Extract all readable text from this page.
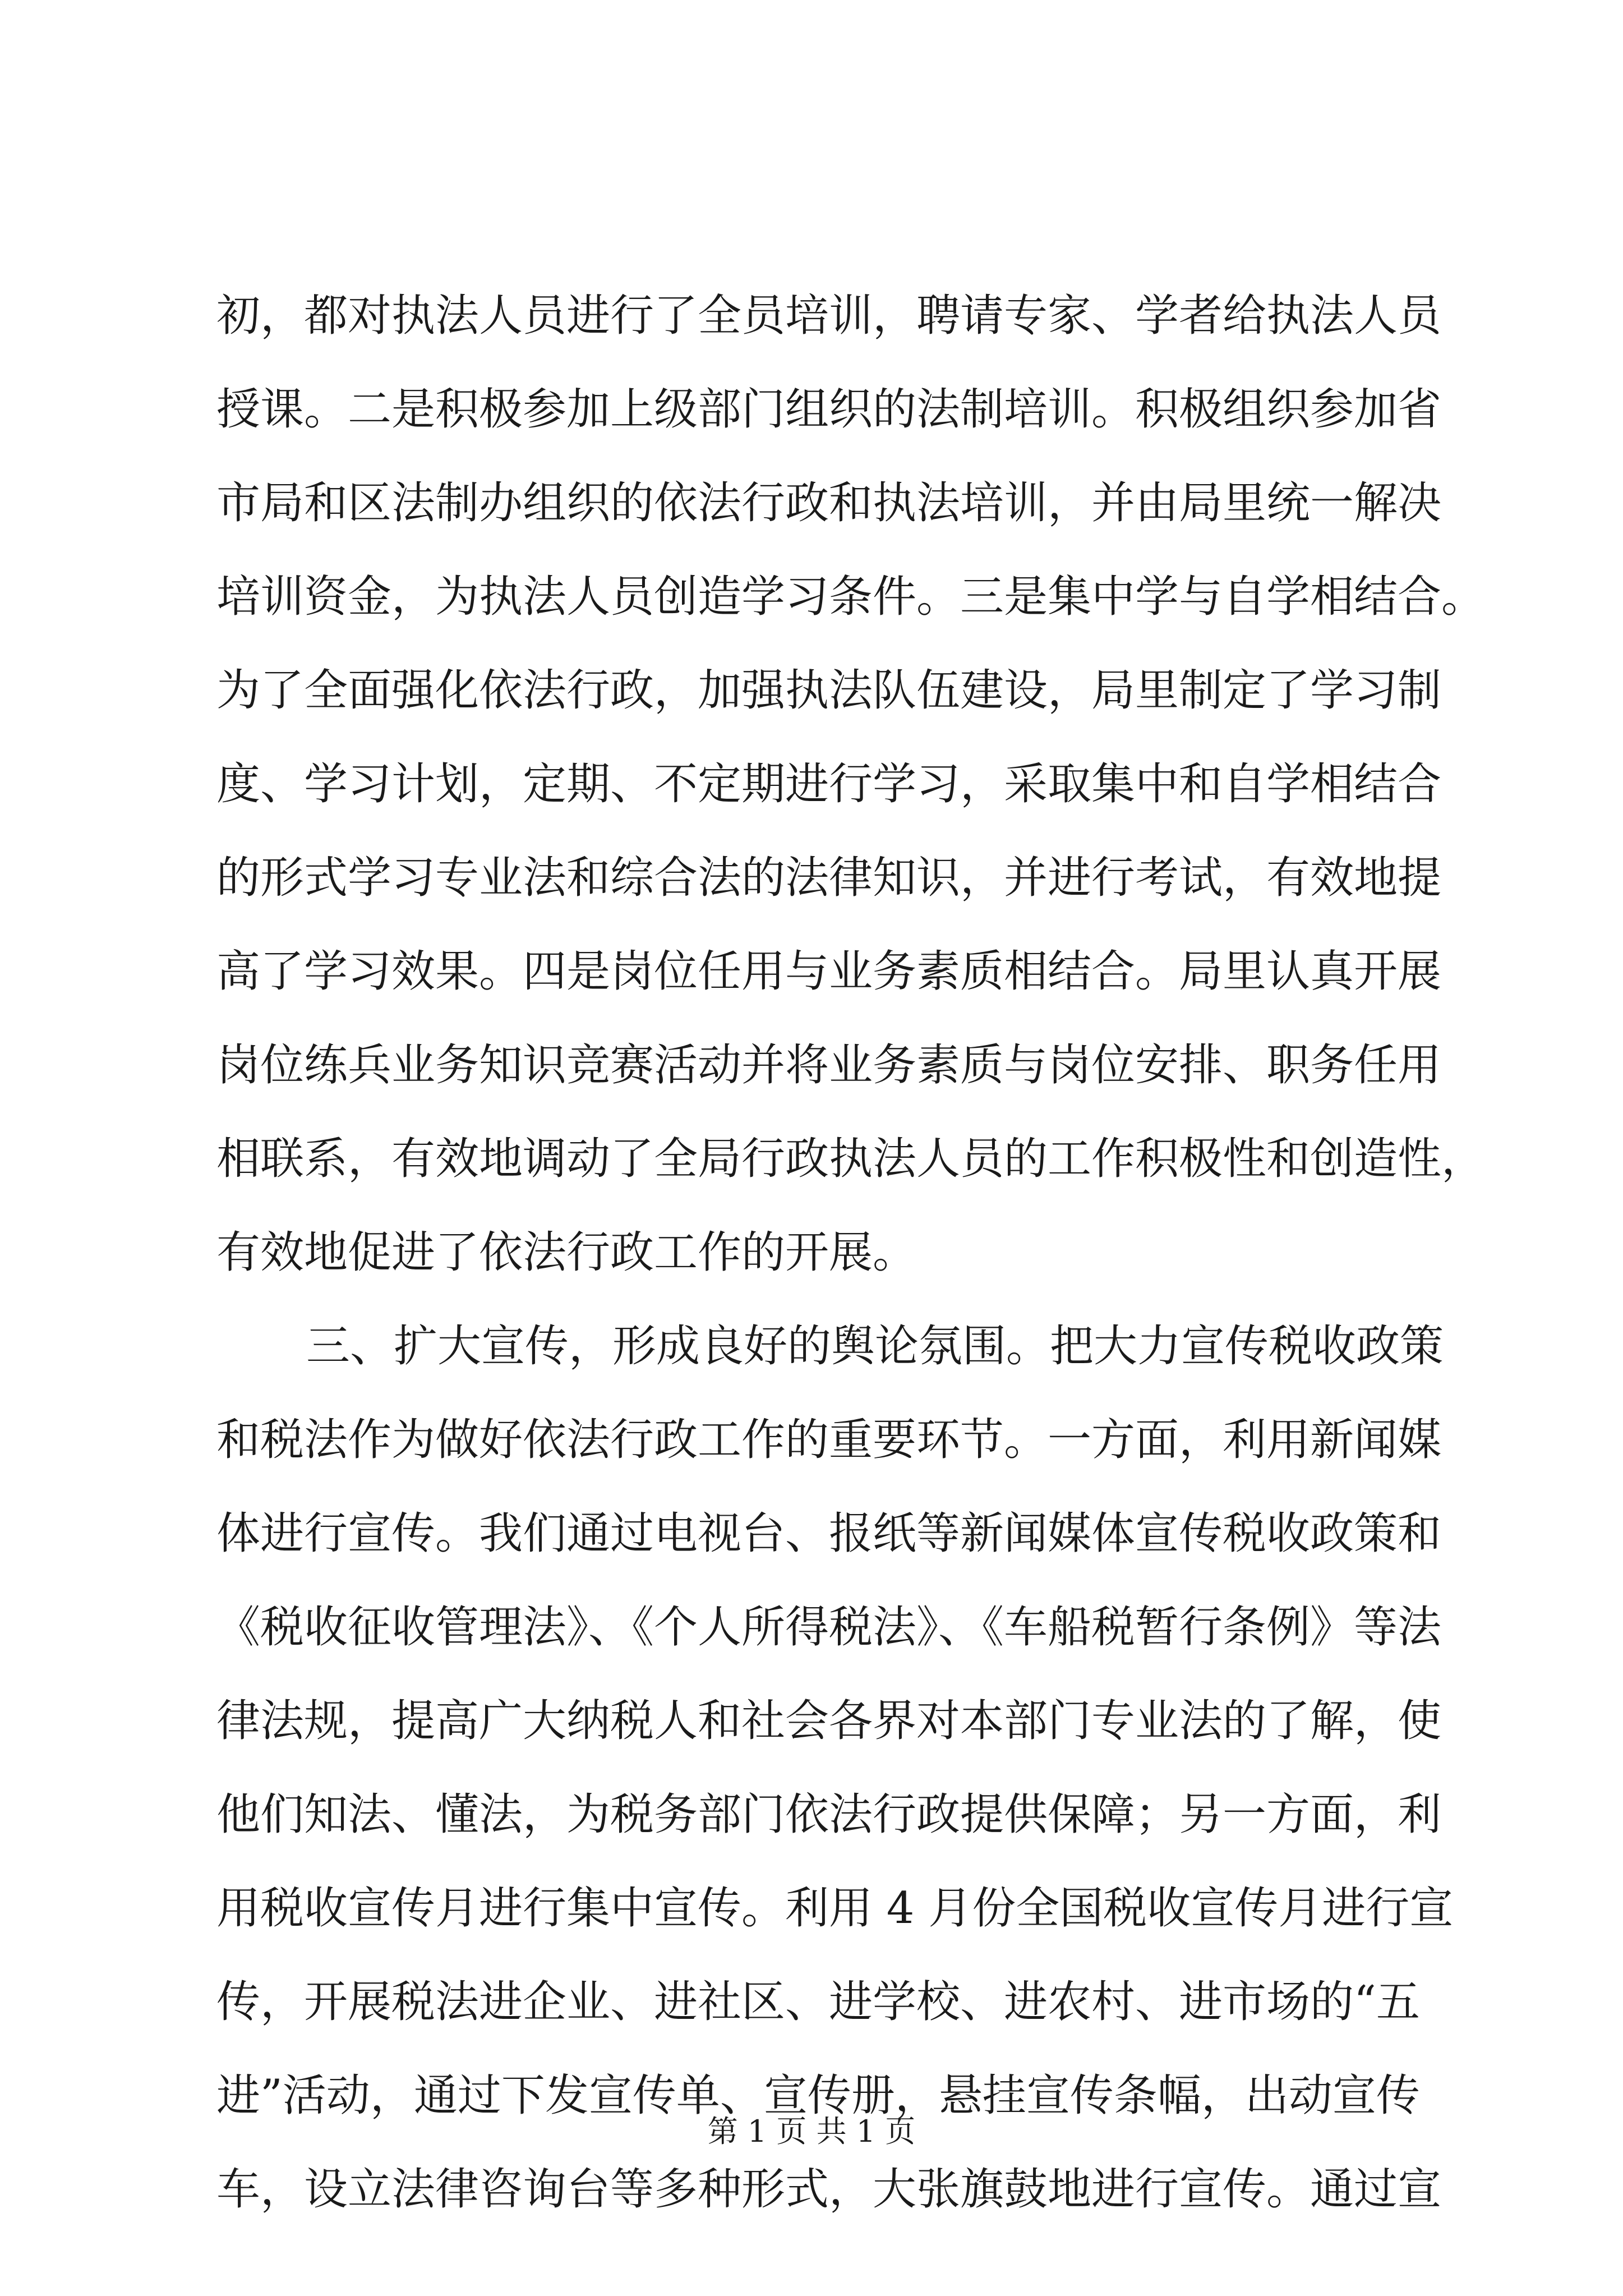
初，都对执法人员进行了全员培训，聘请专家、学者给执法人员
授课。二是积极参加上级部门组织的法制培训。积极组织参加省
市局和区法制办组织的依法行政和执法培训，并由局里统一解决
培训资金，为执法人员创造学习条件。三是集中学与自学相结合。
为了全面强化依法行政，加强执法队伍建设，局里制定了学习制
度、学习计划，定期、不定期进行学习，采取集中和自学相结合
的形式学习专业法和综合法的法律知识，并进行考试，有效地提
高了学习效果。四是岗位任用与业务素质相结合。局里认真开展
岗位练兵业务知识竞赛活动并将业务素质与岗位安排、职务任用
相联系，有效地调动了全局行政执法人员的工作积极性和创造性，
有效地促进了依法行政工作的开展。
三、扩大宣传，形成良好的舆论氛围。把大力宣传税收政策
和税法作为做好依法行政工作的重要环节。一方面，利用新闻媒
体进行宣传。我们通过电视台、报纸等新闻媒体宣传税收政策和
《税收征收管理法》、《个人所得税法》、《车船税暂行条例》等法
律法规，提高广大纳税人和社会各界对本部门专业法的了解，使
他们知法、懂法，为税务部门依法行政提供保障；另一方面，利
用税收宣传月进行集中宣传。利用 4 月份全国税收宣传月进行宣
传，开展税法进企业、进社区、进学校、进农村、进市场的“五
进”活动，通过下发宣传单、宣传册，悬挂宣传条幅，出动宣传
车，设立法律咨询台等多种形式，大张旗鼓地进行宣传。通过宣
第 1 页 共 1 页
